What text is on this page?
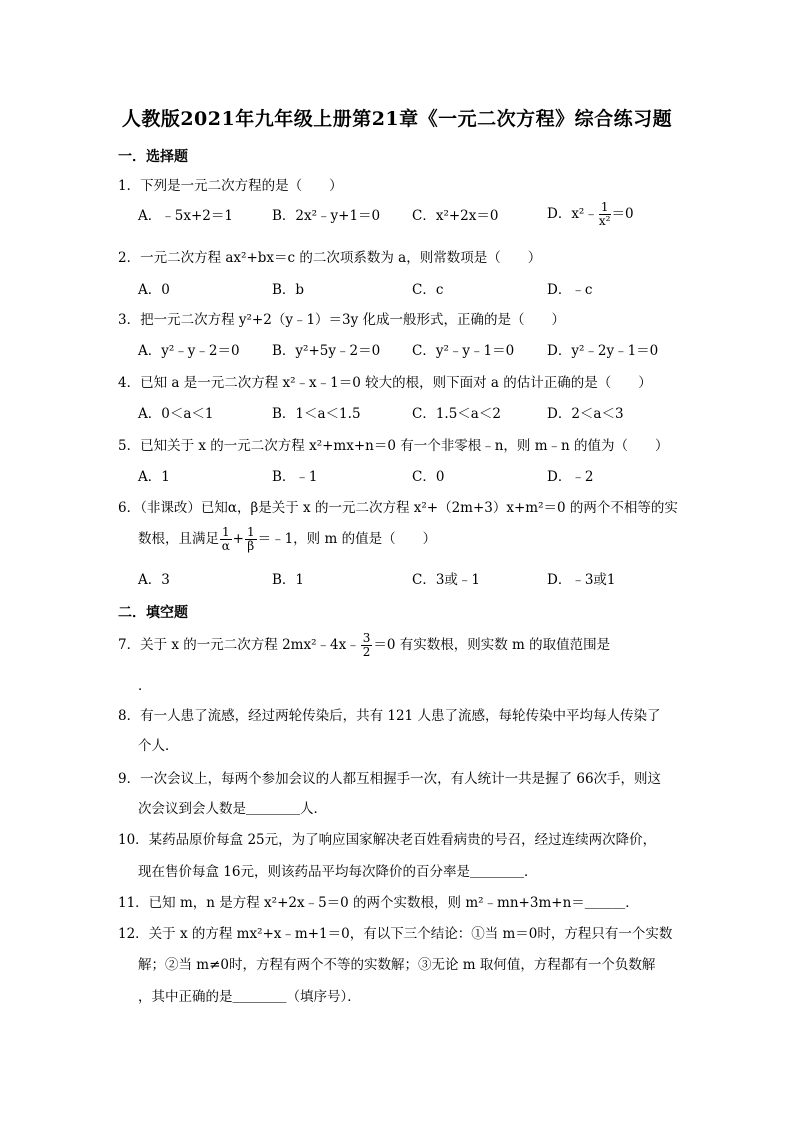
人教版2021年九年级上册第21章《一元二次方程》综合练习题
一．选择题
1．下列是一元二次方程的是（　　）
A．﹣5x+2＝1	B．2x²﹣y+1＝0 C．x²+2x＝0	D．x²﹣ $\frac{1}{\text{x²}} =0$
2．一元二次方程 ax²+bx＝c 的二次项系数为 a，则常数项是（　　）
A．0	B．b	C．c	D．﹣c
3．把一元二次方程 y²+2（y﹣1）＝3y 化成一般形式，正确的是（　　）
A．y²﹣y﹣2＝0 B．y²+5y﹣2＝0 C．y²﹣y﹣1＝0 D．y²﹣2y﹣1＝0
4．已知 a 是一元二次方程 x²﹣x﹣1＝0 较大的根，则下面对 a 的估计正确的是（　　）
A．0＜a＜1	B．1＜a＜1.5	C．1.5＜a＜2	D．2＜a＜3
5．已知关于 x 的一元二次方程 x²+mx+n＝0 有一个非零根﹣n，则 m﹣n 的值为（　　）
A．1	B．﹣1	C．0	D．﹣2
6．（非课改）已知α，β是关于 x 的一元二次方程 x²+（2m+3）x+m²＝0 的两个不相等的实
数根，且满足 $\frac{1}{\alpha} + \frac{1}{\beta}$ ＝﹣1，则 m 的值是（　　）
A．3	B．1	C．3或﹣1	D．﹣3或1
二．填空题
7．关于 x 的一元二次方程 2mx²﹣4x﹣ $\frac{3}{2} =0$ 有实数根，则实数 m 的取值范围是
．
8．有一人患了流感，经过两轮传染后，共有 121 人患了流感，每轮传染中平均每人传染了
个人．
9．一次会议上，每两个参加会议的人都互相握手一次，有人统计一共是握了 66次手，则这
次会议到会人数是＿＿＿＿人．
10．某药品原价每盒 25元，为了响应国家解决老百姓看病贵的号召，经过连续两次降价，
现在售价每盒 16元，则该药品平均每次降价的百分率是＿＿＿＿．
11．已知 m，n 是方程 x²+2x﹣5＝0 的两个实数根，则 m²﹣mn+3m+n＝＿＿＿．
12．关于 x 的方程 mx²+x﹣m+1＝0，有以下三个结论：①当 m＝0时，方程只有一个实数
解；②当 m≠0时，方程有两个不等的实数解；③无论 m 取何值，方程都有一个负数解
，其中正确的是＿＿＿＿（填序号）．
